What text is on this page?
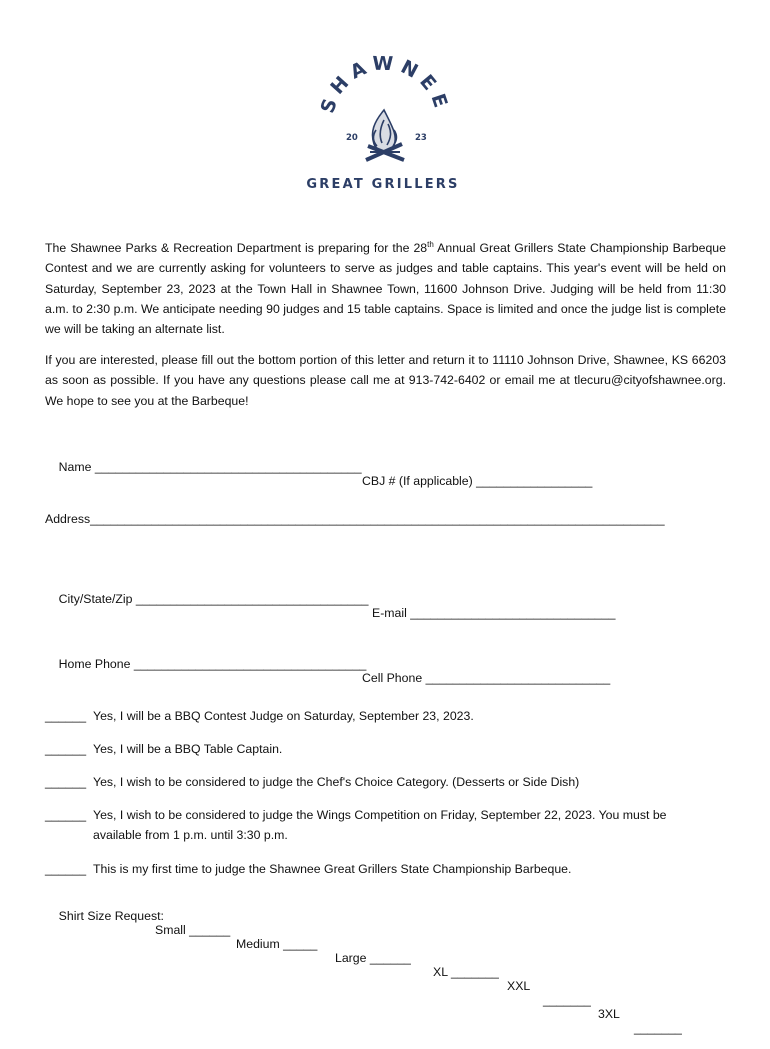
SHAWNEE
20	23
GREAT GRILLERS

The Shawnee Parks & Recreation Department is preparing for the 28th Annual Great Grillers State Championship Barbeque Contest and we are currently asking for volunteers to serve as judges and table captains. This year's event will be held on Saturday, September 23, 2023 at the Town Hall in Shawnee Town, 11600 Johnson Drive. Judging will be held from 11:30 a.m. to 2:30 p.m. We anticipate needing 90 judges and 15 table captains. Space is limited and once the judge list is complete we will be taking an alternate list.

If you are interested, please fill out the bottom portion of this letter and return it to 11110 Johnson Drive, Shawnee, KS 66203 as soon as possible. If you have any questions please call me at 913-742-6402 or email me at tlecuru@cityofshawnee.org. We hope to see you at the Barbeque!

Name _______________________________________

CBJ # (If applicable) _________________

Address____________________________________________________________________________________

City/State/Zip __________________________________

E-mail ______________________________

Home Phone __________________________________

Cell Phone ___________________________

______ Yes, I will be a BBQ Contest Judge on Saturday, September 23, 2023.
______ Yes, I will be a BBQ Table Captain.
______ Yes, I wish to be considered to judge the Chef's Choice Category. (Desserts or Side Dish)
______ Yes, I wish to be considered to judge the Wings Competition on Friday, September 22, 2023. You must be available from 1 p.m. until 3:30 p.m.
______ This is my first time to judge the Shawnee Great Grillers State Championship Barbeque.

Shirt Size Request:

Small ______

Medium _____

Large ______

XL _______

XXL

_______

3XL

_______
